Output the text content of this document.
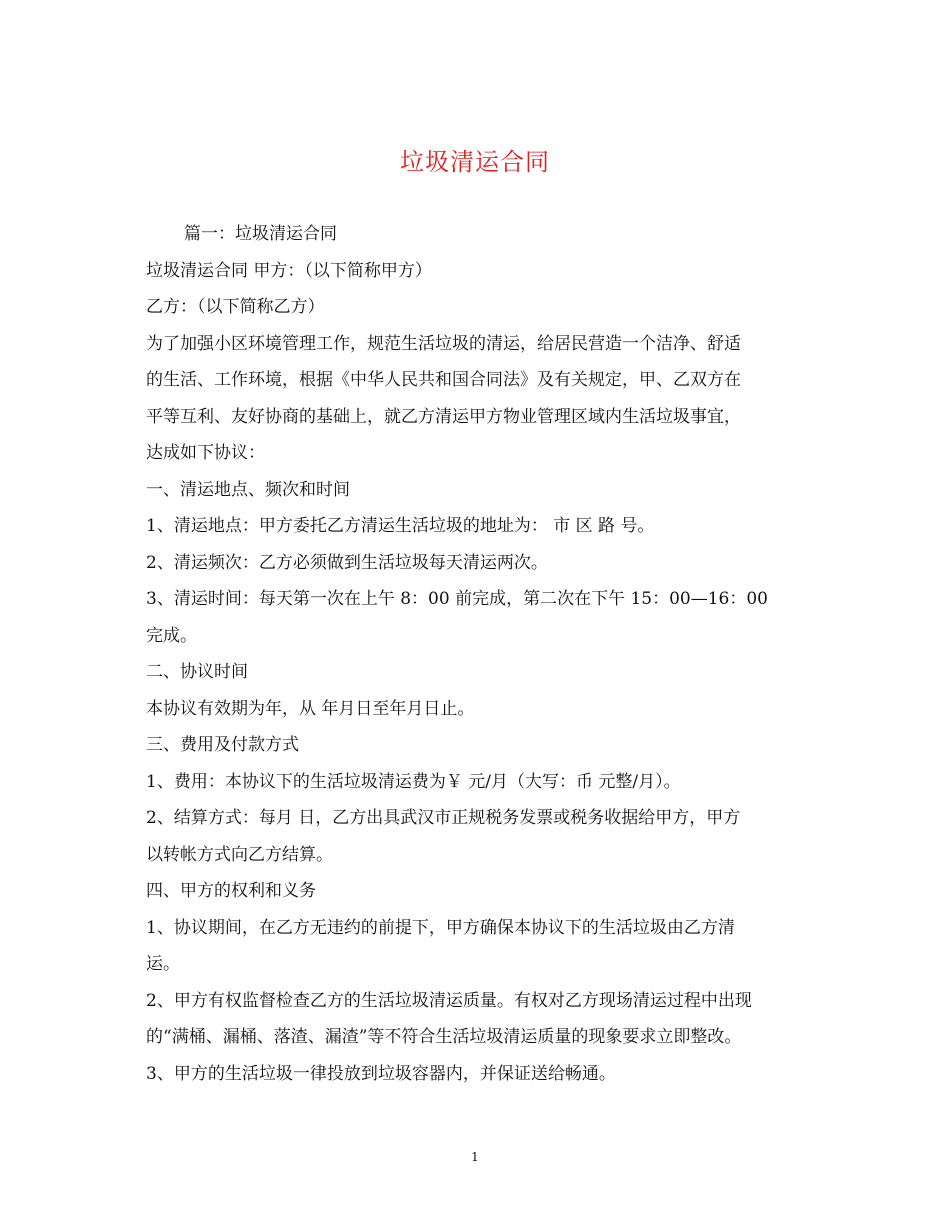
垃圾清运合同
篇一：垃圾清运合同
垃圾清运合同 甲方：（以下简称甲方）
乙方：（以下简称乙方）
为了加强小区环境管理工作，规范生活垃圾的清运，给居民营造一个洁净、舒适
的生活、工作环境，根据《中华人民共和国合同法》及有关规定，甲、乙双方在
平等互利、友好协商的基础上，就乙方清运甲方物业管理区域内生活垃圾事宜，
达成如下协议：
一、清运地点、频次和时间
1、清运地点：甲方委托乙方清运生活垃圾的地址为： 市 区 路 号。
2、清运频次：乙方必须做到生活垃圾每天清运两次。
3、清运时间：每天第一次在上午 8：00 前完成，第二次在下午 15：00—16：00
完成。
二、协议时间
本协议有效期为年，从 年月日至年月日止。
三、费用及付款方式
1、费用：本协议下的生活垃圾清运费为￥ 元/月（大写：币 元整/月）。
2、结算方式：每月 日，乙方出具武汉市正规税务发票或税务收据给甲方，甲方
以转帐方式向乙方结算。
四、甲方的权利和义务
1、协议期间，在乙方无违约的前提下，甲方确保本协议下的生活垃圾由乙方清
运。
2、甲方有权监督检查乙方的生活垃圾清运质量。有权对乙方现场清运过程中出现
的“满桶、漏桶、落渣、漏渣”等不符合生活垃圾清运质量的现象要求立即整改。
3、甲方的生活垃圾一律投放到垃圾容器内，并保证送给畅通。
1
